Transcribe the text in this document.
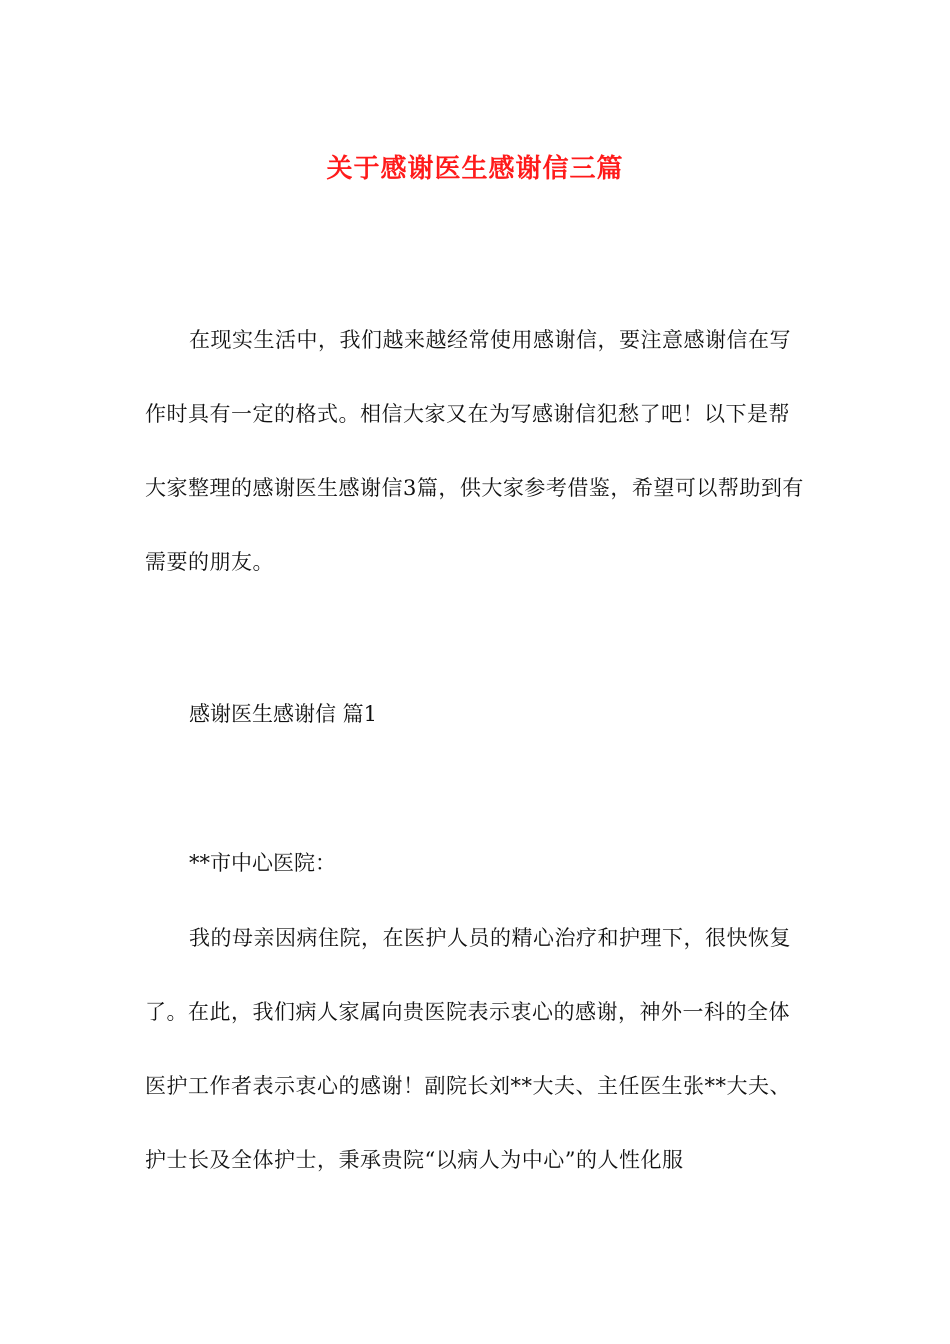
关于感谢医生感谢信三篇

在现实生活中，我们越来越经常使用感谢信，要注意感谢信在写作时具有一定的格式。相信大家又在为写感谢信犯愁了吧！以下是帮大家整理的感谢医生感谢信3篇，供大家参考借鉴，希望可以帮助到有需要的朋友。

感谢医生感谢信 篇1

**市中心医院：

我的母亲因病住院，在医护人员的精心治疗和护理下，很快恢复了。在此，我们病人家属向贵医院表示衷心的感谢，神外一科的全体医护工作者表示衷心的感谢！副院长刘**大夫、主任医生张**大夫、护士长及全体护士，秉承贵院“以病人为中心”的人性化服
